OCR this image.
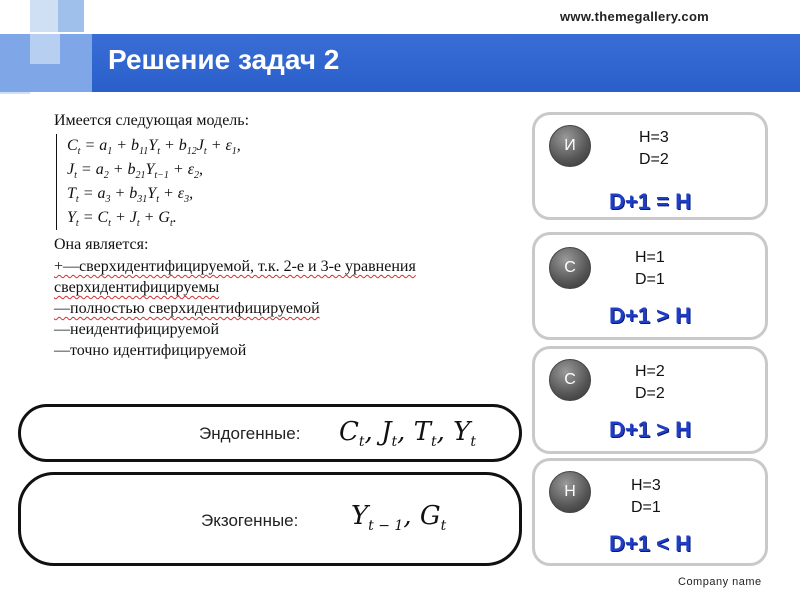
www.themegallery.com
Решение задач 2
Имеется следующая модель:
$C_t = a_1 + b_{11}Y_t + b_{12}J_t + \varepsilon_1$,
$J_t = a_2 + b_{21}Y_{t-1} + \varepsilon_2$,
$T_t = a_3 + b_{31}Y_t + \varepsilon_3$,
$Y_t = C_t + J_t + G_t$.
Она является:
+—сверхидентифицируемой, т.к. 2-е и 3-е уравнения
сверхидентифицируемы
—полностью сверхидентифицируемой
—неидентифицируемой
—точно идентифицируемой
Эндогенные: $C_t$, $J_t$, $T_t$, $Y_t$
Экзогенные: $Y_{t - 1}$, $G_t$
И	H=3
D=2
D+1 = H
С
H=1
D=1
D+1 > H
С	H=2
D=2
D+1 > H
Н	H=3
D=1
D+1 < H
Company name
